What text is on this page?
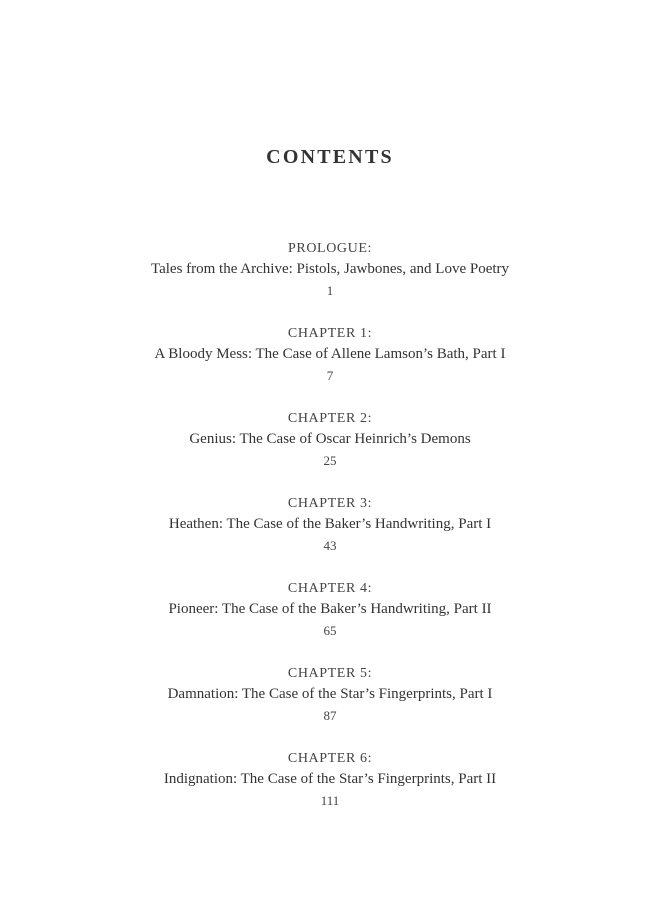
CONTENTS
PROLOGUE:
Tales from the Archive: Pistols, Jawbones, and Love Poetry
1
CHAPTER 1:
A Bloody Mess: The Case of Allene Lamson’s Bath, Part I
7
CHAPTER 2:
Genius: The Case of Oscar Heinrich’s Demons
25
CHAPTER 3:
Heathen: The Case of the Baker’s Handwriting, Part I
43
CHAPTER 4:
Pioneer: The Case of the Baker’s Handwriting, Part II
65
CHAPTER 5:
Damnation: The Case of the Star’s Fingerprints, Part I
87
CHAPTER 6:
Indignation: The Case of the Star’s Fingerprints, Part II
111
